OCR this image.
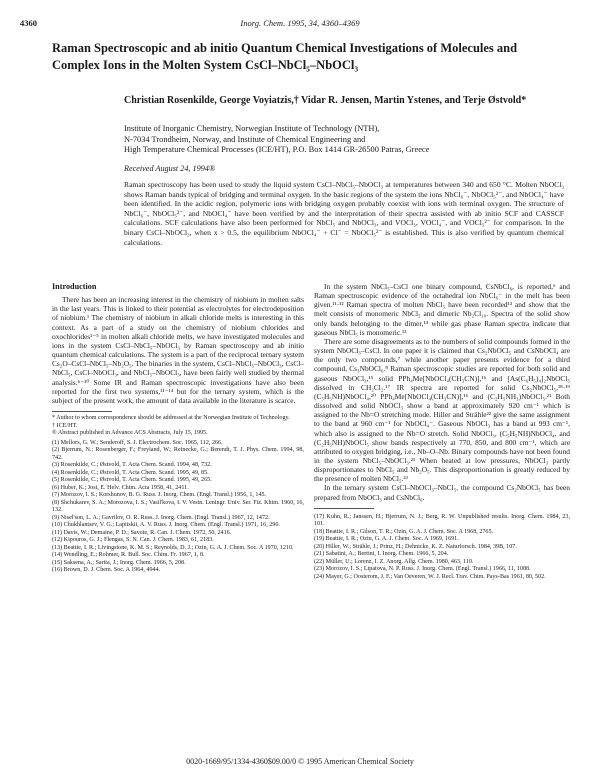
4360	Inorg. Chem. 1995, 34, 4360–4369
Raman Spectroscopic and ab initio Quantum Chemical Investigations of Molecules and
Complex Ions in the Molten System CsCl–NbCl₅–NbOCl₃
Christian Rosenkilde, George Voyiatzis,† Vidar R. Jensen, Martin Ystenes, and Terje Østvold*
Institute of Inorganic Chemistry, Norwegian Institute of Technology (NTH),
N-7034 Trondheim, Norway, and Institute of Chemical Engineering and
High Temperature Chemical Processes (ICE/HT), P.O. Box 1414 GR-26500 Patras, Greece
Received August 24, 1994®
Raman spectroscopy has been used to study the liquid system CsCl–NbCl₅–NbOCl₃ at temperatures between 340 and 650 °C. Molten NbOCl₃ shows Raman bands typical of bridging and terminal oxygen. In the basic regions of the system the ions NbCl₆⁻, NbOCl₅²⁻, and NbOCl₄⁻ have been identified. In the acidic region, polymeric ions with bridging oxygen probably coexist with ions with terminal oxygen. The structure of NbCl₆⁻, NbOCl₅²⁻, and NbOCl₄⁻ have been verified by and the interpretation of their spectra assisted with ab initio SCF and CASSCF calculations. SCF calculations have also been performed for NbCl₅ and NbOCl₃, and VOCl₃, VOCl₄⁻, and VOCl₅²⁻ for comparison. In the binary CsCl–NbOCl₃, when x > 0.5, the equilibrium NbOCl₄⁻ + Cl⁻ = NbOCl₅²⁻ is established. This is also verified by quantum chemical calculations.
Introduction

There has been an increasing interest in the chemistry of niobium in molten salts in the last years. This is linked to their potential as electrolytes for electrodeposition of niobium.¹ The chemistry of niobium in alkali chloride melts is interesting in this context. As a part of a study on the chemistry of niobium chlorides and oxochlorides²⁻⁵ in molten alkali chloride melts, we have investigated molecules and ions in the system CsCl–NbCl₅–NbOCl₃ by Raman spectroscopy and ab initio quantum chemical calculations. The system is a part of the reciprocal ternary system Cs₂O–CsCl–NbCl₅–Nb₂O₅. The binaries in the system, CsCl–NbCl₅–NbOCl₃, CsCl–NbCl₅, CsCl–NbOCl₃, and NbCl₅–NbOCl₃, have been fairly well studied by thermal analysis.⁶⁻¹⁰ Some IR and Raman spectroscopic investigations have also been reported for the first two systems,¹¹⁻¹⁴ but for the ternary system, which is the subject of the present work, the amount of data available in the literature is scarce.

* Author to whom correspondence should be addressed at the Norwegian Institute of Technology.
† ICE/HT.
® Abstract published in Advance ACS Abstracts, July 15, 1995.
(1) Mellors, G. W.; Senderoff, S. J. Electrochem. Soc. 1965, 112, 266.
(2) Bjerrum, N.; Rosenberger, F.; Freyland, W.; Reinecke, G.; Berendt, T. J. Phys. Chem. 1994, 98, 742.
(3) Rosenkilde, C.; Østvold, T. Acta Chem. Scand. 1994, 48, 732.
(4) Rosenkilde, C.; Østvold, T. Acta Chem. Scand. 1995, 49, 85.
(5) Rosenkilde, C.; Østvold, T. Acta Chem. Scand. 1995, 49, 265.
(6) Huber, K.; Jost, E. Helv. Chim. Acta 1958, 41, 2411.
(7) Morozov, I. S.; Korshunov, B. G. Russ. J. Inorg. Chem. (Engl. Transl.) 1956, 1, 145.
(8) Shchukarev, S. A.; Morozova, I. S.; Vasil'kova, I. V. Vestn. Leningr. Univ. Ser. Fiz. Khim. 1960, 16, 132.
(9) Nisel'son, L. A.; Gavrilov, O. R. Russ. J. Inorg. Chem. (Engl. Transl.) 1967, 12, 1472.
(10) Chukhlantsev, V. G.; Lapitskii, A. V. Russ. J. Inorg. Chem. (Engl. Transl.) 1971, 16, 290.
(11) Davis, W.; Demaine, P. D.; Savoie, R. Can. J. Chem. 1972, 50, 2416.
(12) Kipouros, G. J.; Flengas, S. N. Can. J. Chem. 1983, 61, 2183.
(13) Beattie, I. R.; Livingstone, K. M. S.; Reynolds, D. J.; Ozin, G. A. J. Chem. Soc. A 1970, 1210.
(14) Wendling, E.; Rohmer, R. Bull. Soc. Chim. Fr. 1967, 1, 8.
(15) Saksena, A.; Sarita, J.; Inorg. Chem. 1966, 5, 208.
(16) Brown, D. J. Chem. Soc. A 1964, 4944.

In the system NbCl₅–CsCl one binary compound, CsNbCl₆, is reported,⁶ and Raman spectroscopic evidence of the octahedral ion NbCl₆⁻ in the melt has been given.¹¹·¹² Raman spectra of molten NbCl₅ have been recorded¹³ and show that the melt consists of monomeric NbCl₅ and dimeric Nb₂Cl₁₀. Spectra of the solid show only bands belonging to the dimer,¹⁴ while gas phase Raman spectra indicate that gaseous NbCl₅ is monomeric.¹³

There are some disagreements as to the numbers of solid compounds formed in the system NbOCl₃–CsCl. In one paper it is claimed that Cs₂NbOCl₅ and CsNbOCl₄ are the only two compounds,⁷ while another paper presents evidence for a third compound, Cs₃NbOCl₆.⁸ Raman spectroscopic studies are reported for both solid and gaseous NbOCl₃,¹⁵ solid PPh₄Me[NbOCl₄(CH₃CN)],¹⁶ and [As(C₆H₅)₄]₂NbOCl₅ dissolved in CH₂Cl₂.¹⁷ IR spectra are reported for solid Cs₂NbOCl₅,¹⁸·¹⁹ (C₅H₅NH)NbOCl₄,²⁰ PPh₄Me[NbOCl₄(CH₃CN)],¹⁶ and (C₂H₅NH₃)NbOCl₅.²¹ Both dissolved and solid NbOCl₃ show a band at approximately 920 cm⁻¹ which is assigned to the Nb=O stretching mode. Hiller and Strähle²² give the same assignment to the band at 960 cm⁻¹ for NbOCl₄⁻. Gaseous NbOCl₃ has a band at 993 cm⁻¹, which also is assigned to the Nb=O stretch. Solid NbOCl₃, (C₅H₅NH)NbOCl₄, and (C₂H₅NH)NbOCl₅ show bands respectively at 770, 850, and 800 cm⁻¹, which are attributed to oxygen bridging, i.e., Nb–O–Nb. Binary compounds have not been found in the system NbCl₅–NbOCl₃.²³ When heated at low pressures, NbOCl₃ partly disproportionates to NbCl₅ and Nb₂O₅. This disproportionation is greatly reduced by the presence of molten NbCl₅.²³

In the ternary system CsCl–NbOCl₃–NbCl₅, the compound Cs₂NbOCl₅ has been prepared from NbOCl₃ and CsNbCl₆.

(17) Kuhn, R.; Janssen, H.; Bjerrum, N. J.; Berg, R. W. Unpublished results. Inorg. Chem. 1984, 23, 101.
(18) Beattie, I. R.; Gilson, T. R.; Ozin, G. A. J. Chem. Soc. A 1968, 2765.
(19) Beattie, I. R.; Ozin, G. A. J. Chem. Soc. A 1969, 1691.
(20) Hiller, W.; Strähle, J.; Prinz, H.; Dehnicke, K. Z. Naturforsch. 1984, 39B, 107.
(21) Sabatini, A.; Bertini, I. Inorg. Chem. 1966, 5, 204.
(22) Müller, U.; Lorenz, I. Z. Anorg. Allg. Chem. 1980, 463, 110.
(23) Morozov, I. S.; Lipatova, N. P. Russ. J. Inorg. Chem. (Engl. Transl.) 1966, 11, 1088.
(24) Mayer, G.; Oosterom, J. F.; Van Oeveren, W. J. Recl. Trav. Chim. Pays-Bas 1961, 80, 502.
0020-1669/95/1334-4360$09.00/0 © 1995 American Chemical Society
